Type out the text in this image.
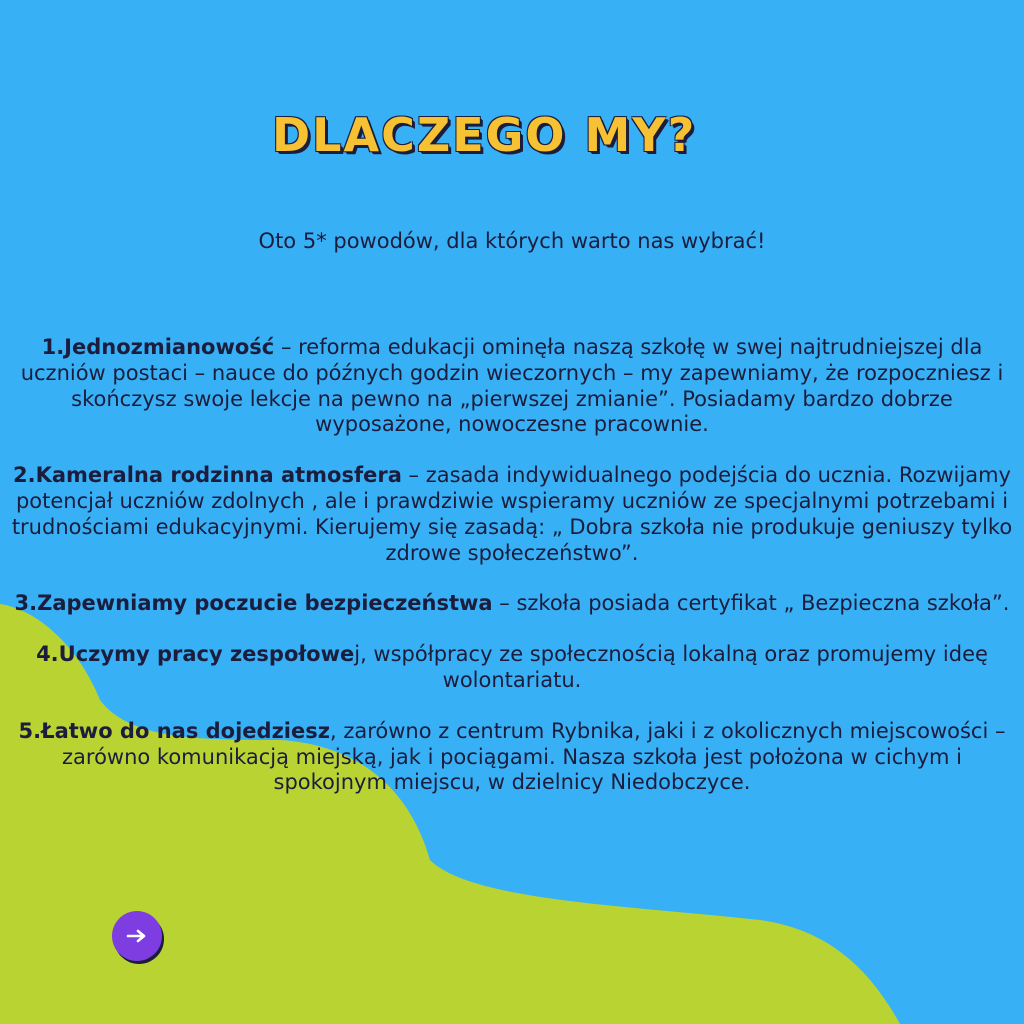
DLACZEGO MY?

Oto 5* powodów, dla których warto nas wybrać!

1.Jednozmianowość – reforma edukacji ominęła naszą szkołę w swej najtrudniejszej dla uczniów postaci – nauce do późnych godzin wieczornych – my zapewniamy, że rozpoczniesz i skończysz swoje lekcje na pewno na „pierwszej zmianie”. Posiadamy bardzo dobrze wyposażone, nowoczesne pracownie.

2.Kameralna rodzinna atmosfera – zasada indywidualnego podejścia do ucznia. Rozwijamy potencjał uczniów zdolnych , ale i prawdziwie wspieramy uczniów ze specjalnymi potrzebami i trudnościami edukacyjnymi. Kierujemy się zasadą: „ Dobra szkoła nie produkuje geniuszy tylko zdrowe społeczeństwo”.

3.Zapewniamy poczucie bezpieczeństwa – szkoła posiada certyfikat „ Bezpieczna szkoła”.

4.Uczymy pracy zespołowej, współpracy ze społecznością lokalną oraz promujemy ideę wolontariatu.

5.Łatwo do nas dojedziesz, zarówno z centrum Rybnika, jaki i z okolicznych miejscowości – zarówno komunikacją miejską, jak i pociągami. Nasza szkoła jest położona w cichym i spokojnym miejscu, w dzielnicy Niedobczyce.
